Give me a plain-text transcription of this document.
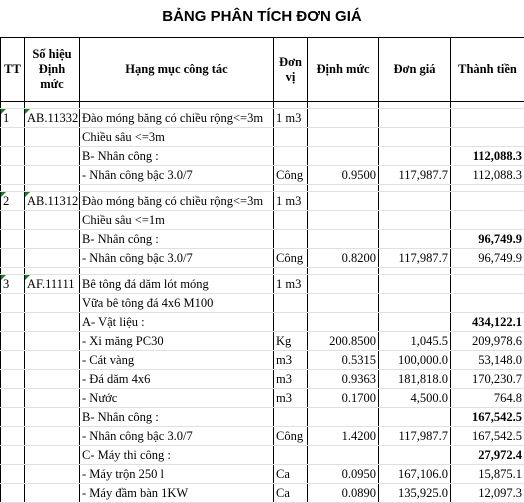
BẢNG PHÂN TÍCH ĐƠN GIÁ
TT	Số hiệu Định mức	Hạng mục công tác	Đơn vị	Định mức	Đơn giá	Thành tiền

1	AB.11332	Đào móng băng có chiều rộng<=3m	1 m3			
		Chiều sâu <=3m				
		B- Nhân công :				112,088.3
		- Nhân công bậc 3.0/7	Công	0.9500	117,987.7	112,088.3

2	AB.11312	Đào móng băng có chiều rộng<=3m	1 m3			
		Chiều sâu <=1m				
		B- Nhân công :				96,749.9
		- Nhân công bậc 3.0/7	Công	0.8200	117,987.7	96,749.9

3	AF.11111	Bê tông đá dăm lót móng	1 m3			
		Vữa bê tông đá 4x6 M100				
		A- Vật liệu :				434,122.1
		- Xi măng PC30	Kg	200.8500	1,045.5	209,978.6
		- Cát vàng	m3	0.5315	100,000.0	53,148.0
		- Đá dăm 4x6	m3	0.9363	181,818.0	170,230.7
		- Nước	m3	0.1700	4,500.0	764.8
		B- Nhân công :				167,542.5
		- Nhân công bậc 3.0/7	Công	1.4200	117,987.7	167,542.5
		C- Máy thi công :				27,972.4
		- Máy trộn 250 l	Ca	0.0950	167,106.0	15,875.1
		- Máy đầm bàn 1KW	Ca	0.0890	135,925.0	12,097.3
